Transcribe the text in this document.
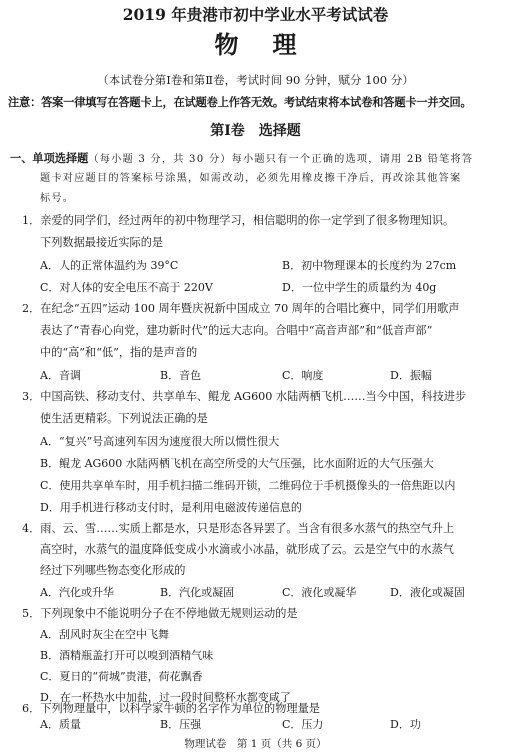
2019 年贵港市初中学业水平考试试卷
物理
（本试卷分第Ⅰ卷和第Ⅱ卷，考试时间 90 分钟，赋分 100 分）
注意：答案一律填写在答题卡上，在试题卷上作答无效。考试结束将本试卷和答题卡一并交回。
第Ⅰ卷　选择题
一、单项选择题（每小题 3 分，共 30 分）每小题只有一个正确的选项，请用 2B 铅笔将答
题卡对应题目的答案标号涂黑，如需改动，必须先用橡皮擦干净后，再改涂其他答案
标号。
1．亲爱的同学们，经过两年的初中物理学习，相信聪明的你一定学到了很多物理知识。
下列数据最接近实际的是
A．人的正常体温约为 39°C	B．初中物理课本的长度约为 27cm
C．对人体的安全电压不高于 220V	D．一位中学生的质量约为 40g
2．在纪念“五四”运动 100 周年暨庆祝新中国成立 70 周年的合唱比赛中，同学们用歌声
表达了“青春心向党，建功新时代”的远大志向。合唱中“高音声部”和“低音声部”
中的“高”和“低”，指的是声音的
A．音调	B．音色	C．响度	D．振幅
3．中国高铁、移动支付、共享单车、鲲龙 AG600 水陆两栖飞机……当今中国，科技进步
使生活更精彩。下列说法正确的是
A．“复兴”号高速列车因为速度很大所以惯性很大
B．鲲龙 AG600 水陆两栖飞机在高空所受的大气压强，比水面附近的大气压强大
C．使用共享单车时，用手机扫描二维码开锁，二维码位于手机摄像头的一倍焦距以内
D．用手机进行移动支付时，是利用电磁波传递信息的
4．雨、云、雪……实质上都是水，只是形态各异罢了。当含有很多水蒸气的热空气升上
高空时，水蒸气的温度降低变成小水滴或小冰晶，就形成了云。云是空气中的水蒸气
经过下列哪些物态变化形成的
A．汽化或升华	B．汽化或凝固	C．液化或凝华	D．液化或凝固
5．下列现象中不能说明分子在不停地做无规则运动的是
A．刮风时灰尘在空中飞舞
B．酒精瓶盖打开可以嗅到酒精气味
C．夏日的“荷城”贵港，荷花飘香
D．在一杯热水中加盐，过一段时间整杯水都变咸了
6．下列物理量中，以科学家牛顿的名字作为单位的物理量是
A．质量	B．压强	C．压力	D．功
物理试卷　第 1 页（共 6 页）
